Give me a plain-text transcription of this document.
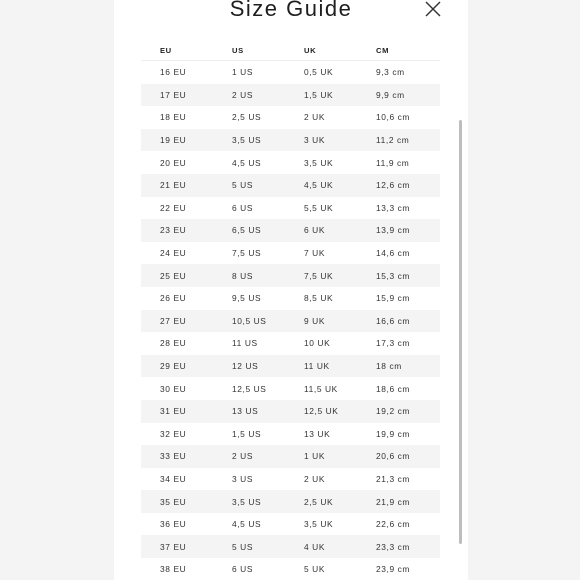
Size Guide
EU	US	UK	CM
16 EU	1 US	0,5 UK	9,3 cm
17 EU	2 US	1,5 UK	9,9 cm
18 EU	2,5 US	2 UK	10,6 cm
19 EU	3,5 US	3 UK	11,2 cm
20 EU	4,5 US	3,5 UK	11,9 cm
21 EU	5 US	4,5 UK	12,6 cm
22 EU	6 US	5,5 UK	13,3 cm
23 EU	6,5 US	6 UK	13,9 cm
24 EU	7,5 US	7 UK	14,6 cm
25 EU	8 US	7,5 UK	15,3 cm
26 EU	9,5 US	8,5 UK	15,9 cm
27 EU	10,5 US	9 UK	16,6 cm
28 EU	11 US	10 UK	17,3 cm
29 EU	12 US	11 UK	18 cm
30 EU	12,5 US	11,5 UK	18,6 cm
31 EU	13 US	12,5 UK	19,2 cm
32 EU	1,5 US	13 UK	19,9 cm
33 EU	2 US	1 UK	20,6 cm
34 EU	3 US	2 UK	21,3 cm
35 EU	3,5 US	2,5 UK	21,9 cm
36 EU	4,5 US	3,5 UK	22,6 cm
37 EU	5 US	4 UK	23,3 cm
38 EU	6 US	5 UK	23,9 cm
